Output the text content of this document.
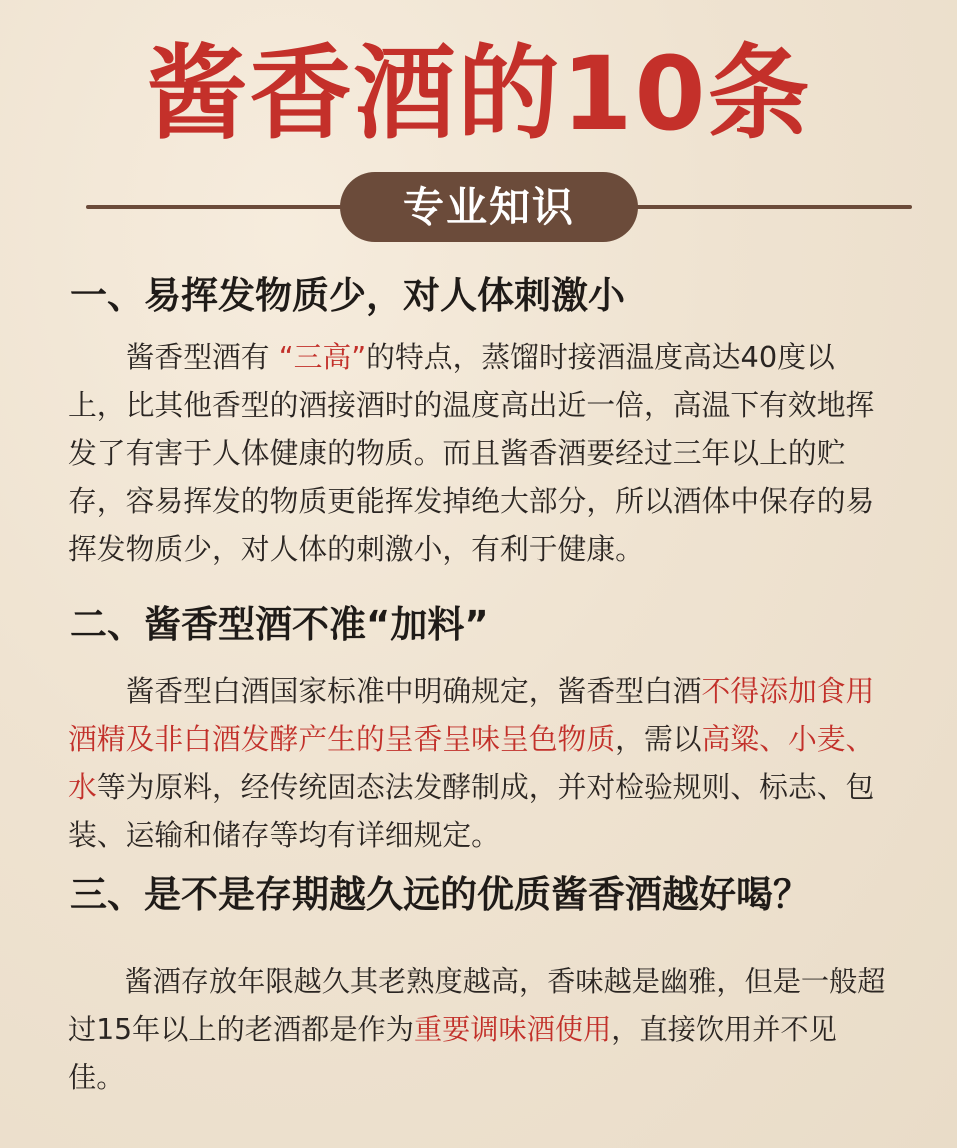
酱香酒的10条
专业知识
一、易挥发物质少，对人体刺激小

酱香型酒有 “三高”的特点，蒸馏时接酒温度高达40度以上，比其他香型的酒接酒时的温度高出近一倍，高温下有效地挥发了有害于人体健康的物质。而且酱香酒要经过三年以上的贮存，容易挥发的物质更能挥发掉绝大部分，所以酒体中保存的易挥发物质少，对人体的刺激小，有利于健康。

二、酱香型酒不准“加料”

酱香型白酒国家标准中明确规定，酱香型白酒不得添加食用酒精及非白酒发酵产生的呈香呈味呈色物质，需以高粱、小麦、水等为原料，经传统固态法发酵制成，并对检验规则、标志、包装、运输和储存等均有详细规定。

三、是不是存期越久远的优质酱香酒越好喝？

酱酒存放年限越久其老熟度越高，香味越是幽雅，但是一般超过15年以上的老酒都是作为重要调味酒使用，直接饮用并不见佳。
